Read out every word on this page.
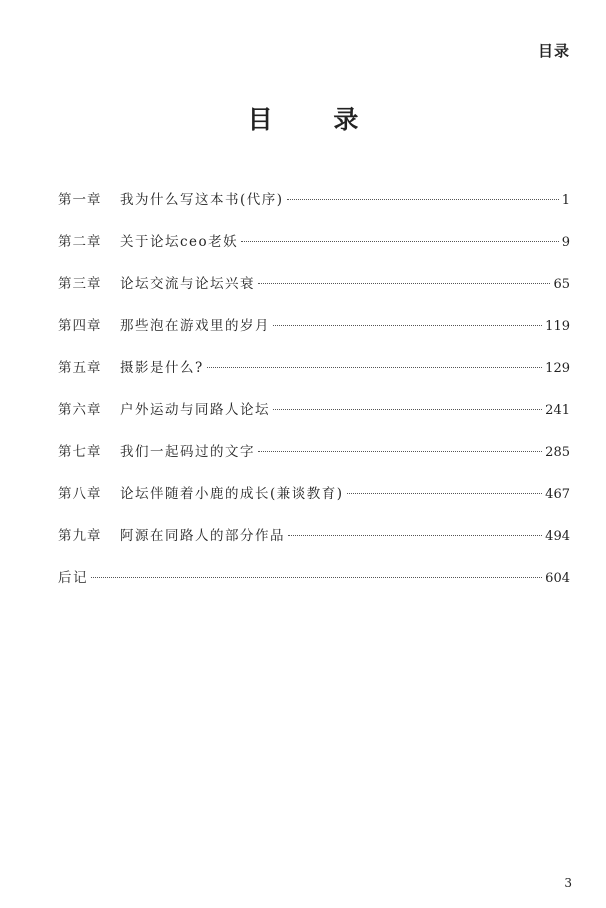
目录
目 录
第一章	我为什么写这本书(代序)	1
第二章	关于论坛ceo老妖	9
第三章	论坛交流与论坛兴衰	65
第四章	那些泡在游戏里的岁月	119
第五章	摄影是什么?	129
第六章	户外运动与同路人论坛	241
第七章	我们一起码过的文字	285
第八章	论坛伴随着小鹿的成长(兼谈教育)	467
第九章	阿源在同路人的部分作品	494
后记	604
3
